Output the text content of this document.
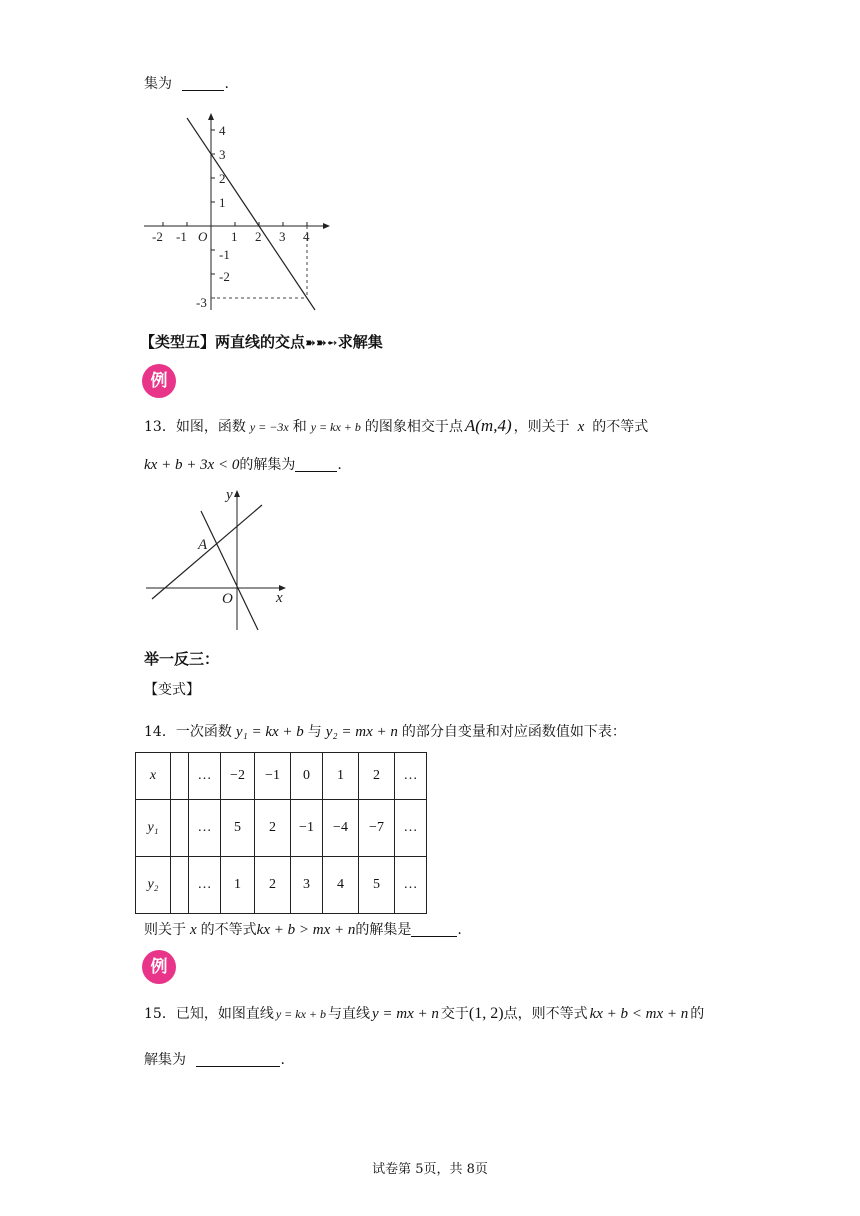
集为	.
-2 -1 O 1 2 3 4
4
3
2
1
-1
-2
-3
【类型五】两直线的交点➽➽➻求解集
例
13．如图，函数 y = −3x 和 y = kx + b 的图象相交于点 A(m,4) ，则关于 x 的不等式
kx + b + 3x < 0的解集为	.
y
x
O
A
举一反三：
【变式】
14．一次函数 y₁ = kx + b 与 y₂ = mx + n 的部分自变量和对应函数值如下表：
x		…	−2	−1	0	1	2	…
y₁		…	5	2	−1	−4	−7	…
y₂		…	1	2	3	4	5	…
则关于 x 的不等式kx + b > mx + n的解集是	.
例
15．已知，如图直线 y = kx + b 与直线 y = mx + n 交于(1, 2)点，则不等式 kx + b < mx + n 的
解集为	.
试卷第 5页，共 8页
